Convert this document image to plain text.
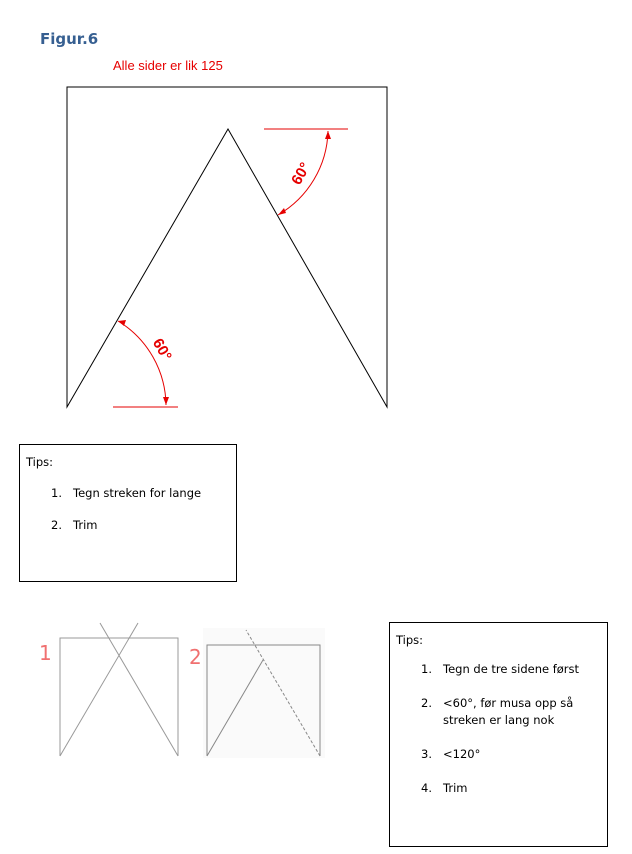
Figur.6
Alle sider er lik 125
60°
60°
1	2
Tips:
1. Tegn streken for lange
2. Trim
Tips:
1. Tegn de tre sidene først
2. <60°, før musa opp så streken er lang nok
3. <120°
4. Trim
